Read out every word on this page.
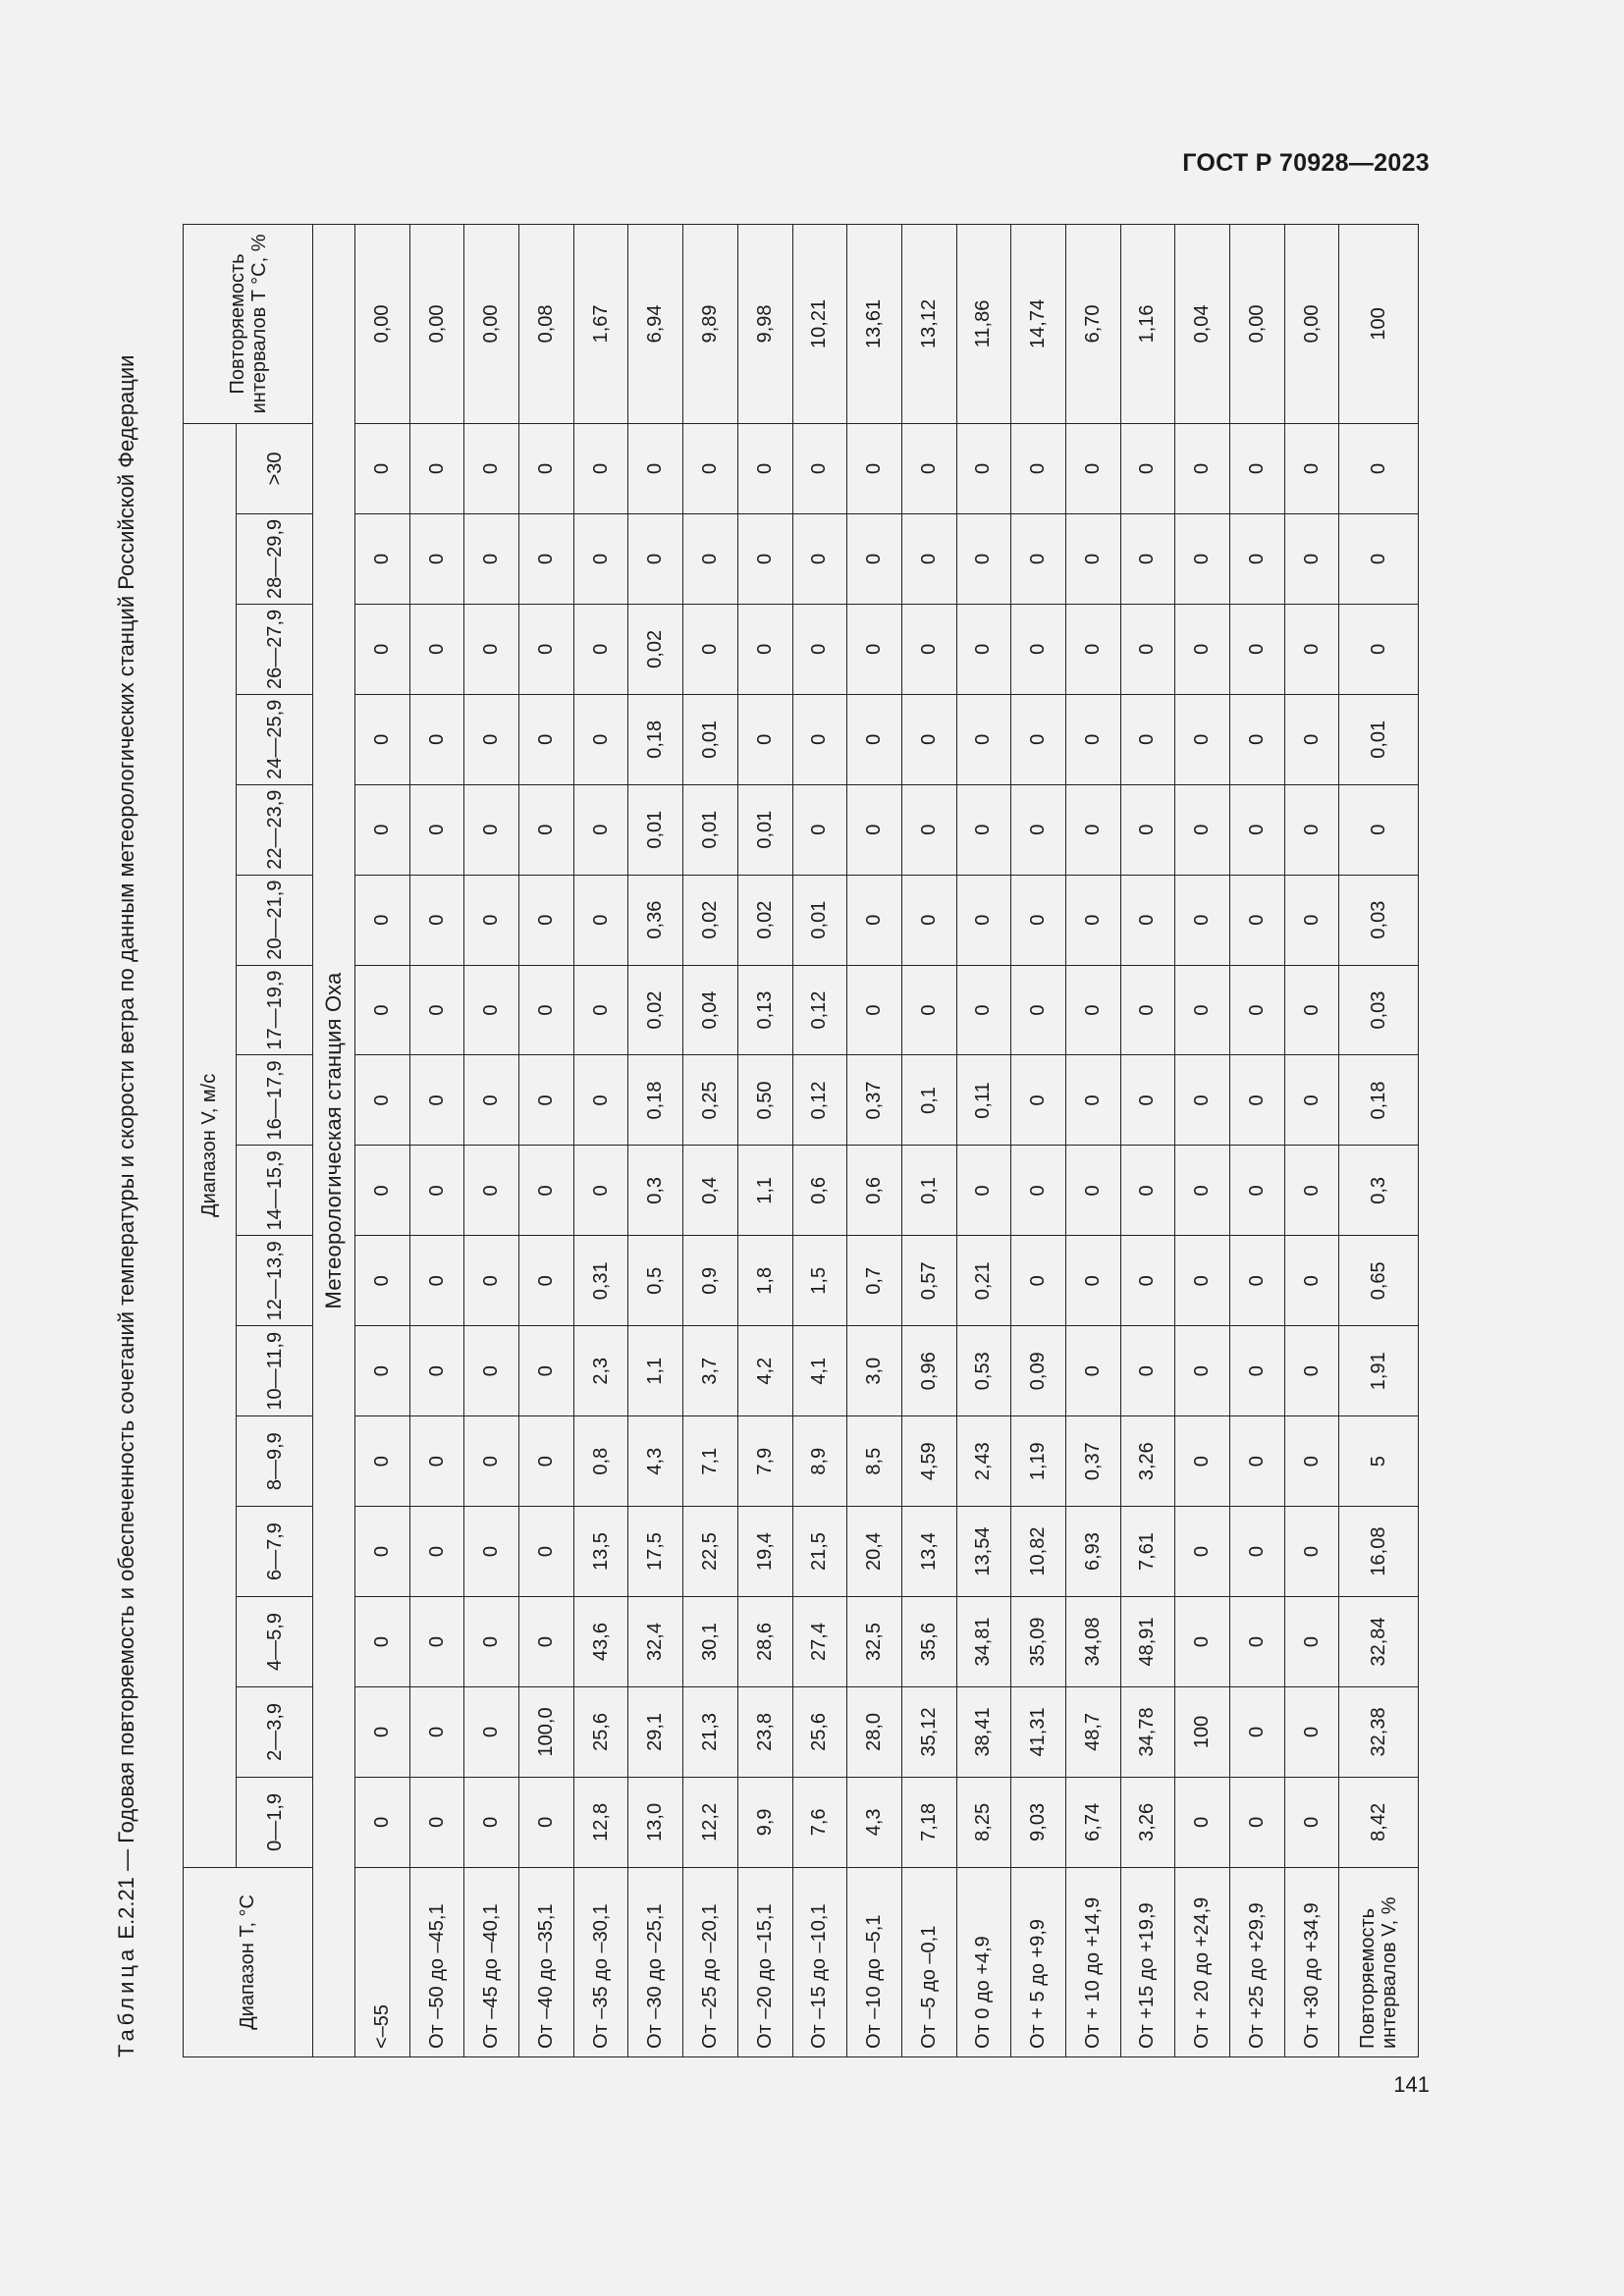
ГОСТ Р 70928—2023
Таблица Е.2.21 — Годовая повторяемость и обеспеченность сочетаний температуры и скорости ветра по данным метеорологических станций Российской Федерации
Диапазон T, °C	Диапазон V, м/с																Повторяемость интервалов T °C, %
	0—1,9	2—3,9	4—5,9	6—7,9	8—9,9	10—11,9	12—13,9	14—15,9	16—17,9	17—19,9	20—21,9	22—23,9	24—25,9	26—27,9	28—29,9	>30	
Метеорологическая станция Оха																	
<–55	0	0	0	0	0	0	0	0	0	0	0	0	0	0	0	0	0,00
От –50 до –45,1	0	0	0	0	0	0	0	0	0	0	0	0	0	0	0	0	0,00
От –45 до –40,1	0	0	0	0	0	0	0	0	0	0	0	0	0	0	0	0	0,00
От –40 до –35,1	0	100,0	0	0	0	0	0	0	0	0	0	0	0	0	0	0	0,08
От –35 до –30,1	12,8	25,6	43,6	13,5	0,8	2,3	0,31	0	0	0	0	0	0	0	0	0	1,67
От –30 до –25,1	13,0	29,1	32,4	17,5	4,3	1,1	0,5	0,3	0,18	0,02	0,36	0,01	0,18	0,02	0	0	6,94
От –25 до –20,1	12,2	21,3	30,1	22,5	7,1	3,7	0,9	0,4	0,25	0,04	0,02	0,01	0,01	0	0	0	9,89
От –20 до –15,1	9,9	23,8	28,6	19,4	7,9	4,2	1,8	1,1	0,50	0,13	0,02	0,01	0	0	0	0	9,98
От –15 до –10,1	7,6	25,6	27,4	21,5	8,9	4,1	1,5	0,6	0,12	0,12	0,01	0	0	0	0	0	10,21
От –10 до –5,1	4,3	28,0	32,5	20,4	8,5	3,0	0,7	0,6	0,37	0	0	0	0	0	0	0	13,61
От –5 до –0,1	7,18	35,12	35,6	13,4	4,59	0,96	0,57	0,1	0,1	0	0	0	0	0	0	0	13,12
От 0 до +4,9	8,25	38,41	34,81	13,54	2,43	0,53	0,21	0	0,11	0	0	0	0	0	0	0	11,86
От + 5 до +9,9	9,03	41,31	35,09	10,82	1,19	0,09	0	0	0	0	0	0	0	0	0	0	14,74
От + 10 до +14,9	6,74	48,7	34,08	6,93	0,37	0	0	0	0	0	0	0	0	0	0	0	6,70
От +15 до +19,9	3,26	34,78	48,91	7,61	3,26	0	0	0	0	0	0	0	0	0	0	0	1,16
От + 20 до +24,9	0	100	0	0	0	0	0	0	0	0	0	0	0	0	0	0	0,04
От +25 до +29,9	0	0	0	0	0	0	0	0	0	0	0	0	0	0	0	0	0,00
От +30 до +34,9	0	0	0	0	0	0	0	0	0	0	0	0	0	0	0	0	0,00
Повторяемость интервалов V, %	8,42	32,38	32,84	16,08	5	1,91	0,65	0,3	0,18	0,03	0,03	0	0,01	0	0	0	100
141
